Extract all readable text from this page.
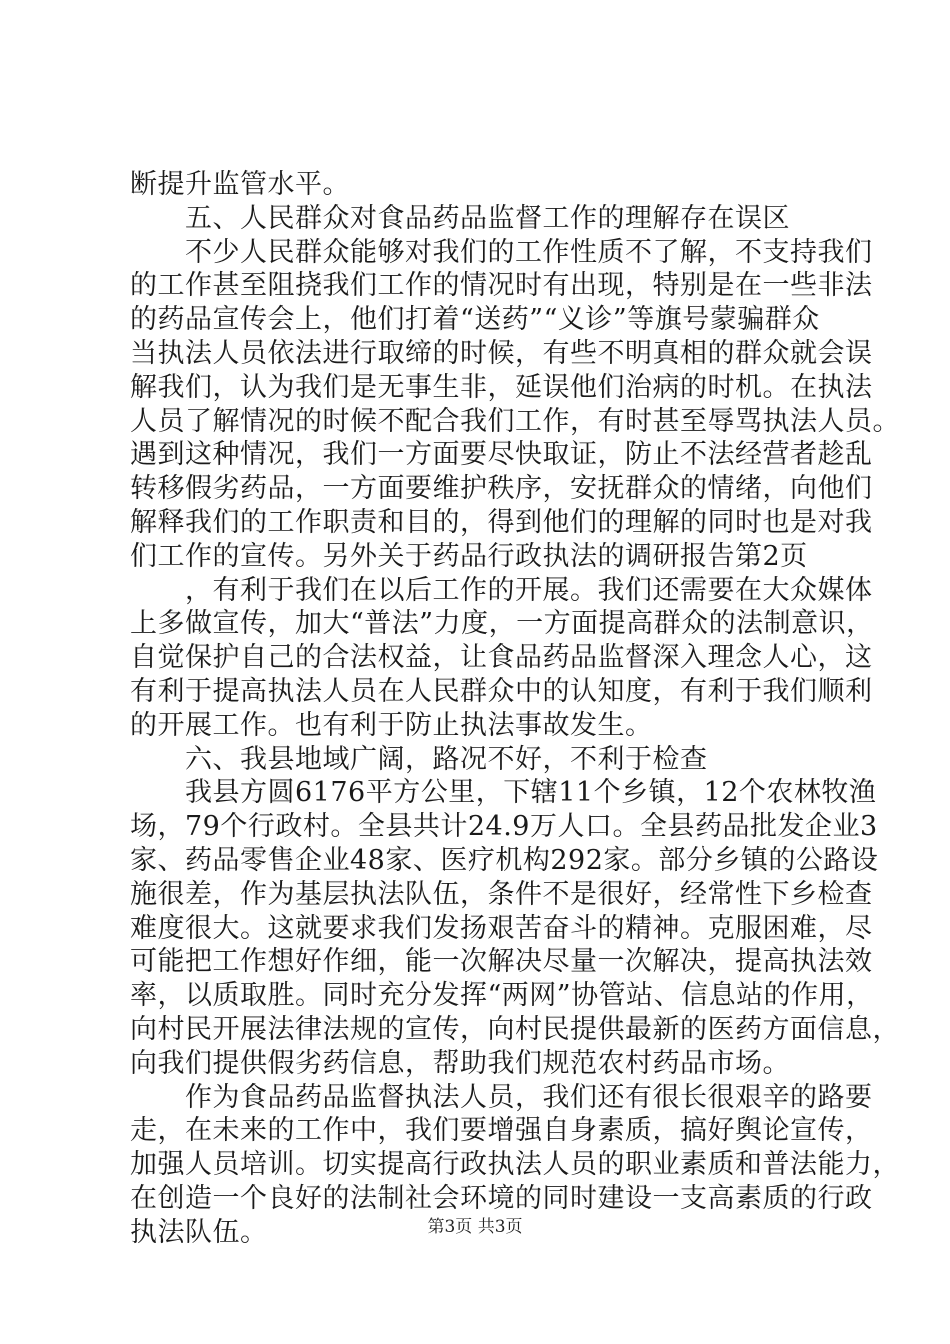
断提升监管水平。
五、人民群众对食品药品监督工作的理解存在误区
不少人民群众能够对我们的工作性质不了解，不支持我们
的工作甚至阻挠我们工作的情况时有出现，特别是在一些非法
的药品宣传会上，他们打着“送药”“义诊”等旗号蒙骗群众
当执法人员依法进行取缔的时候，有些不明真相的群众就会误
解我们，认为我们是无事生非，延误他们治病的时机。在执法
人员了解情况的时候不配合我们工作，有时甚至辱骂执法人员。
遇到这种情况，我们一方面要尽快取证，防止不法经营者趁乱
转移假劣药品，一方面要维护秩序，安抚群众的情绪，向他们
解释我们的工作职责和目的，得到他们的理解的同时也是对我
们工作的宣传。另外关于药品行政执法的调研报告第2页
，有利于我们在以后工作的开展。我们还需要在大众媒体
上多做宣传，加大“普法”力度，一方面提高群众的法制意识，
自觉保护自己的合法权益，让食品药品监督深入理念人心，这
有利于提高执法人员在人民群众中的认知度，有利于我们顺利
的开展工作。也有利于防止执法事故发生。
六、我县地域广阔，路况不好，不利于检查
我县方圆6176平方公里，下辖11个乡镇，12个农林牧渔
场，79个行政村。全县共计24.9万人口。全县药品批发企业3
家、药品零售企业48家、医疗机构292家。部分乡镇的公路设
施很差，作为基层执法队伍，条件不是很好，经常性下乡检查
难度很大。这就要求我们发扬艰苦奋斗的精神。克服困难，尽
可能把工作想好作细，能一次解决尽量一次解决，提高执法效
率，以质取胜。同时充分发挥“两网”协管站、信息站的作用，
向村民开展法律法规的宣传，向村民提供最新的医药方面信息，
向我们提供假劣药信息，帮助我们规范农村药品市场。
作为食品药品监督执法人员，我们还有很长很艰辛的路要
走，在未来的工作中，我们要增强自身素质，搞好舆论宣传，
加强人员培训。切实提高行政执法人员的职业素质和普法能力，
在创造一个良好的法制社会环境的同时建设一支高素质的行政
执法队伍。	第3页 共3页
